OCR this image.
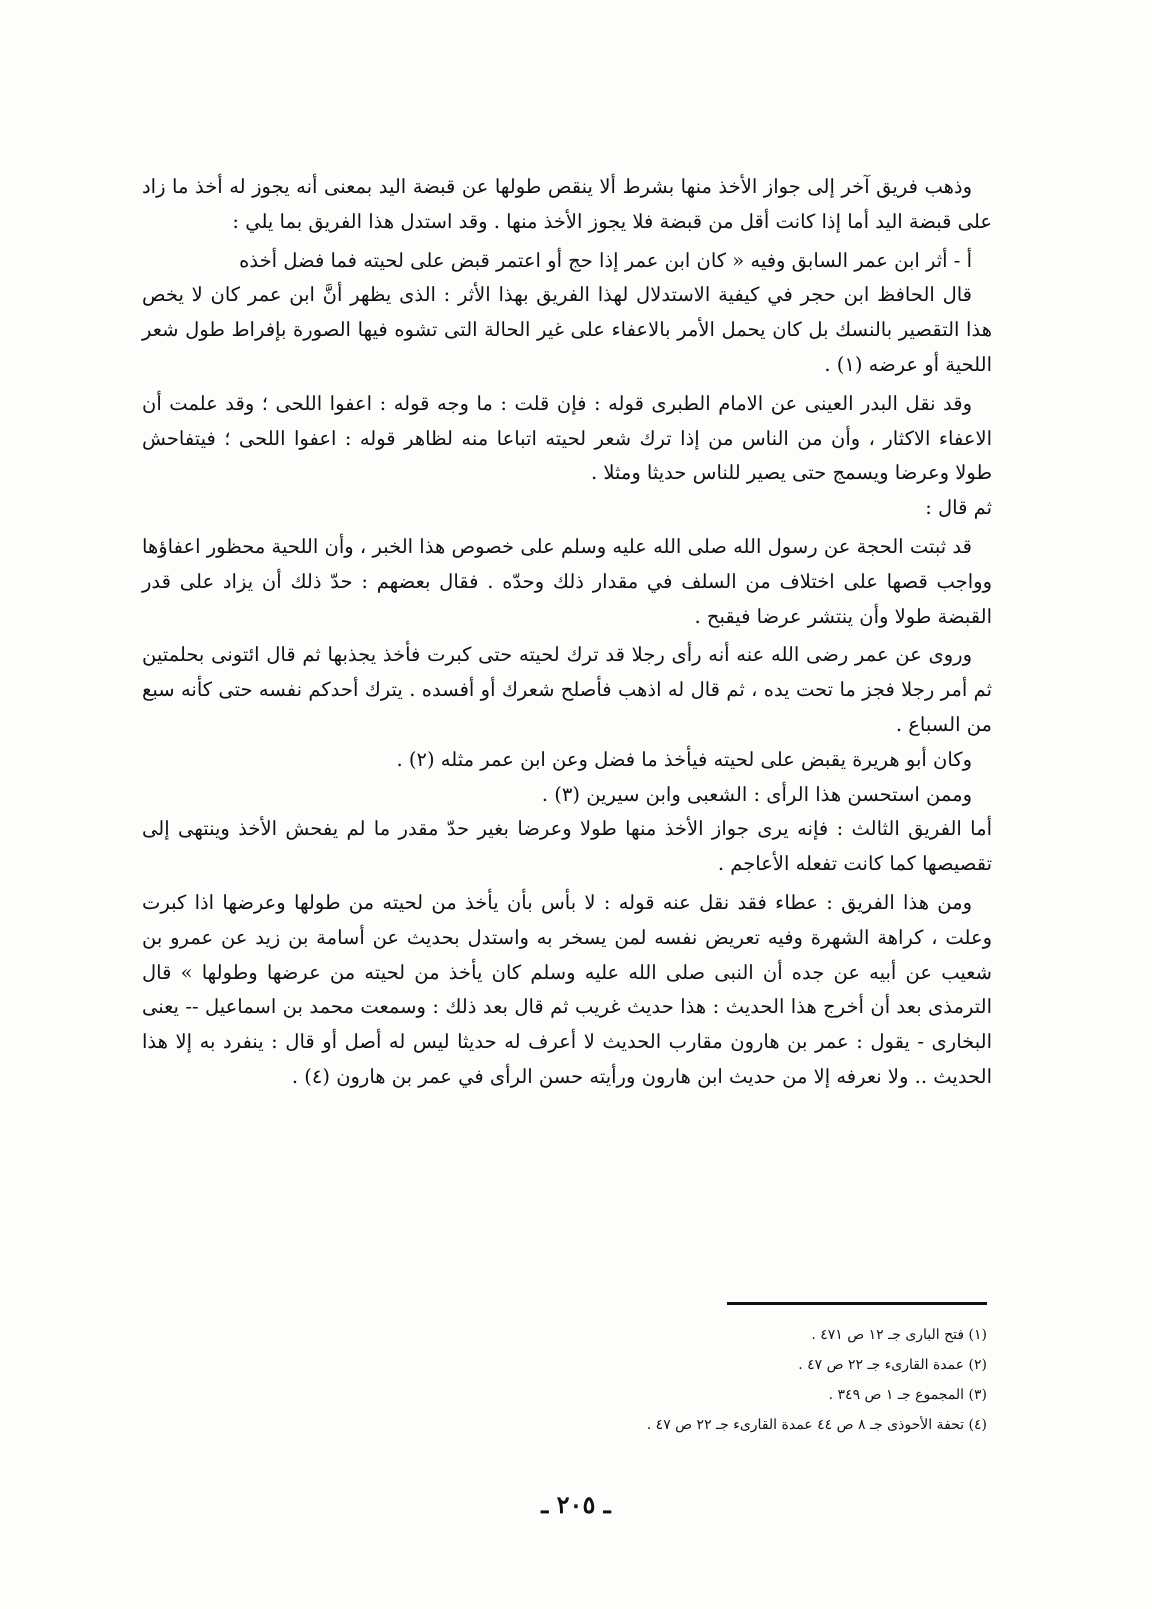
وذهب فريق آخر إلى جواز الأخذ منها بشرط ألا ينقص طولها عن قبضة اليد بمعنى أنه يجوز له أخذ ما زاد على قبضة اليد أما إذا كانت أقل من قبضة فلا يجوز الأخذ منها . وقد استدل هذا الفريق بما يلي :

أ - أثر ابن عمر السابق وفيه « كان ابن عمر إذا حج أو اعتمر قبض على لحيته فما فضل أخذه

قال الحافظ ابن حجر في كيفية الاستدلال لهذا الفريق بهذا الأثر : الذى يظهر أنَّ ابن عمر كان لا يخص هذا التقصير بالنسك بل كان يحمل الأمر بالاعفاء على غير الحالة التى تشوه فيها الصورة بإفراط طول شعر اللحية أو عرضه (١) .

وقد نقل البدر العينى عن الامام الطبرى قوله : فإن قلت : ما وجه قوله : اعفوا اللحى ؛ وقد علمت أن الاعفاء الاكثار ، وأن من الناس من إذا ترك شعر لحيته اتباعا منه لظاهر قوله : اعفوا اللحى ؛ فيتفاحش طولا وعرضا ويسمج حتى يصير للناس حديثا ومثلا .

ثم قال :

قد ثبتت الحجة عن رسول الله صلى الله عليه وسلم على خصوص هذا الخبر ، وأن اللحية محظور اعفاؤها وواجب قصها على اختلاف من السلف في مقدار ذلك وحدّه . فقال بعضهم : حدّ ذلك أن يزاد على قدر القبضة طولا وأن ينتشر عرضا فيقبح .

وروى عن عمر رضى الله عنه أنه رأى رجلا قد ترك لحيته حتى كبرت فأخذ يجذبها ثم قال ائتونى بحلمتين ثم أمر رجلا فجز ما تحت يده ، ثم قال له اذهب فأصلح شعرك أو أفسده . يترك أحدكم نفسه حتى كأنه سبع من السباع .

وكان أبو هريرة يقبض على لحيته فيأخذ ما فضل وعن ابن عمر مثله (٢) .

وممن استحسن هذا الرأى : الشعبى وابن سيرين (٣) .

أما الفريق الثالث : فإنه يرى جواز الأخذ منها طولا وعرضا بغير حدّ مقدر ما لم يفحش الأخذ وينتهى إلى تقصيصها كما كانت تفعله الأعاجم .

ومن هذا الفريق : عطاء فقد نقل عنه قوله : لا بأس بأن يأخذ من لحيته من طولها وعرضها اذا كبرت وعلت ، كراهة الشهرة وفيه تعريض نفسه لمن يسخر به واستدل بحديث عن أسامة بن زيد عن عمرو بن شعيب عن أبيه عن جده أن النبى صلى الله عليه وسلم كان يأخذ من لحيته من عرضها وطولها » قال الترمذى بعد أن أخرج هذا الحديث : هذا حديث غريب ثم قال بعد ذلك : وسمعت محمد بن اسماعيل -- يعنى البخارى - يقول : عمر بن هارون مقارب الحديث لا أعرف له حديثا ليس له أصل أو قال : ينفرد به إلا هذا الحديث .. ولا نعرفه إلا من حديث ابن هارون ورأيته حسن الرأى في عمر بن هارون (٤) .

(١) فتح البارى جـ ١٢ ص ٤٧١ .
(٢) عمدة القارىء جـ ٢٢ ص ٤٧ .
(٣) المجموع جـ ١ ص ٣٤٩ .
(٤) تحفة الأحوذى جـ ٨ ص ٤٤ عمدة القارىء جـ ٢٢ ص ٤٧ .
ـ ٢٠٥ ـ
